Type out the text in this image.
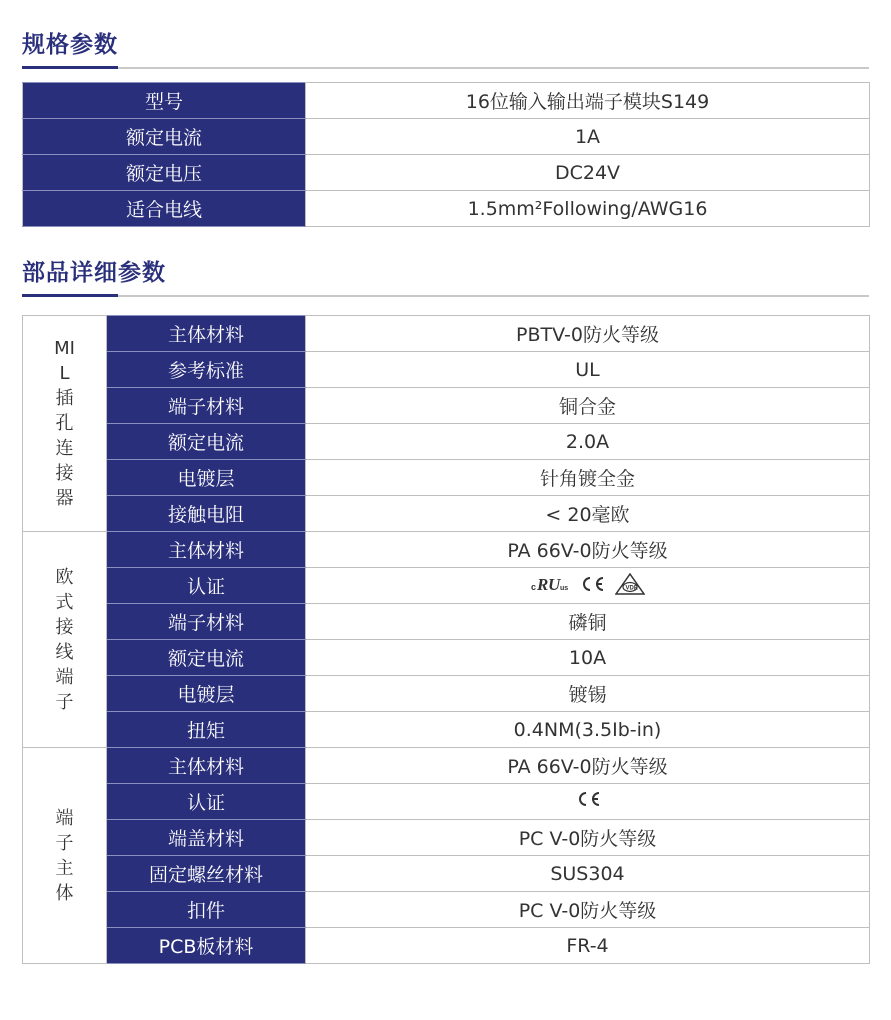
规格参数
型号	16位输入输出端子模块S149
额定电流	1A
额定电压	DC24V
适合电线	1.5mm²Following/AWG16
部品详细参数
MIL插孔连接器	主体材料	PBTV-0防火等级
	参考标准	UL
	端子材料	铜合金
	额定电流	2.0A
	电镀层	针角镀全金
	接触电阻	< 20毫欧
欧式接线端子	主体材料	PA 66V-0防火等级
	认证	c R U us VDE

	端子材料	磷铜
	额定电流	10A
	电镀层	镀锡
	扭矩	0.4NM(3.5Ib-in)
端子主体	主体材料	PA 66V-0防火等级
	认证	

	端盖材料	PC V-0防火等级
	固定螺丝材料	SUS304
	扣件	PC V-0防火等级
	PCB板材料	FR-4
